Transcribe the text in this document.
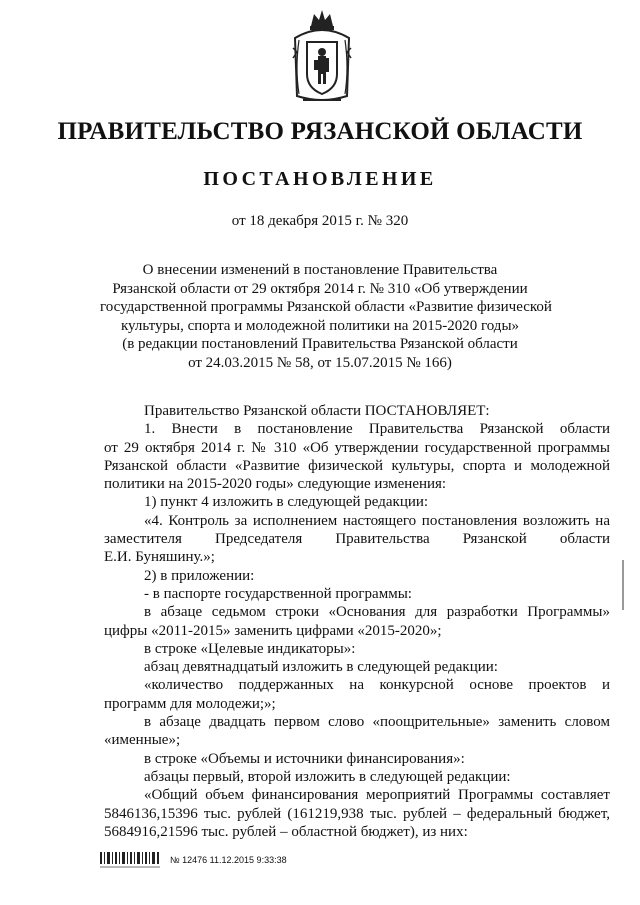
ПРАВИТЕЛЬСТВО РЯЗАНСКОЙ ОБЛАСТИ
ПОСТАНОВЛЕНИЕ
от 18 декабря 2015 г. № 320
О внесении изменений в постановление Правительства
Рязанской области от 29 октября 2014 г. № 310 «Об утверждении
государственной программы Рязанской области «Развитие физической
культуры, спорта и молодежной политики на 2015-2020 годы»
(в редакции постановлений Правительства Рязанской области
от 24.03.2015 № 58, от 15.07.2015 № 166)
Правительство Рязанской области ПОСТАНОВЛЯЕТ:
1. Внести в постановление Правительства Рязанской области
от 29 октября 2014 г. № 310 «Об утверждении государственной программы
Рязанской области «Развитие физической культуры, спорта и молодежной
политики на 2015-2020 годы» следующие изменения:
1) пункт 4 изложить в следующей редакции:
«4. Контроль за исполнением настоящего постановления возложить на
заместителя Председателя Правительства Рязанской области
Е.И. Буняшину.»;
2) в приложении:
- в паспорте государственной программы:
в абзаце седьмом строки «Основания для разработки Программы»
цифры «2011-2015» заменить цифрами «2015-2020»;
в строке «Целевые индикаторы»:
абзац девятнадцатый изложить в следующей редакции:
«количество поддержанных на конкурсной основе проектов и
программ для молодежи;»;
в абзаце двадцать первом слово «поощрительные» заменить словом
«именные»;
в строке «Объемы и источники финансирования»:
абзацы первый, второй изложить в следующей редакции:
«Общий объем финансирования мероприятий Программы составляет
5846136,15396 тыс. рублей (161219,938 тыс. рублей – федеральный бюджет,
5684916,21596 тыс. рублей – областной бюджет), из них:
№ 12476 11.12.2015 9:33:38
